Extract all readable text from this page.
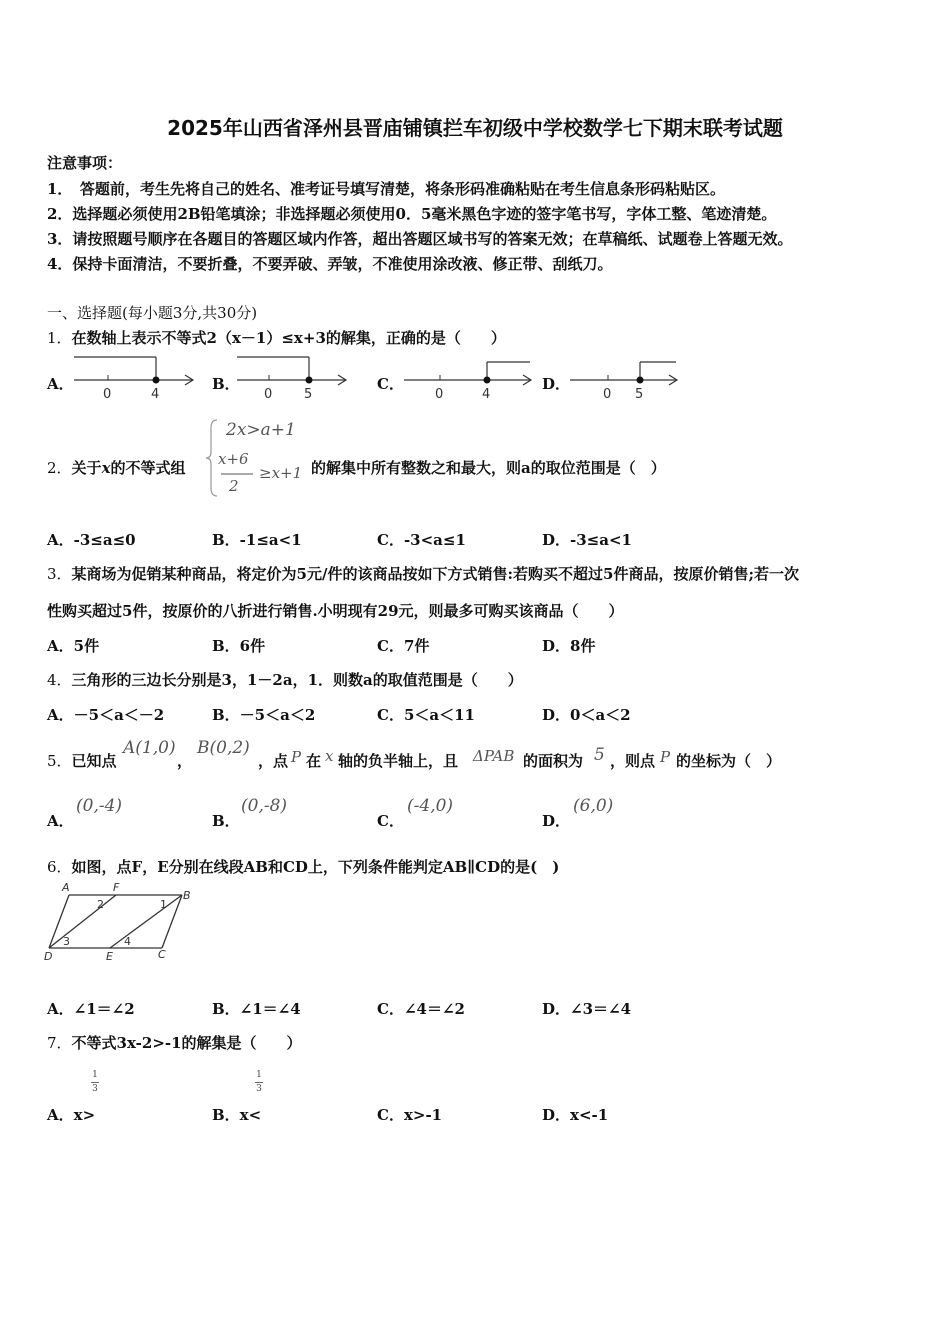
2025年山西省泽州县晋庙铺镇拦车初级中学校数学七下期末联考试题
注意事项：
1．　答题前，考生先将自己的姓名、准考证号填写清楚，将条形码准确粘贴在考生信息条形码粘贴区。
2．选择题必须使用2B铅笔填涂；非选择题必须使用0．5毫米黑色字迹的签字笔书写，字体工整、笔迹清楚。
3．请按照题号顺序在各题目的答题区域内作答，超出答题区域书写的答案无效；在草稿纸、试题卷上答题无效。
4．保持卡面清洁，不要折叠，不要弄破、弄皱，不准使用涂改液、修正带、刮纸刀。
一、选择题(每小题3分,共30分)
1．在数轴上表示不等式2（x－1）≤x+3的解集，正确的是（　　）
A．	B．	C．	D．
0	4	0 5	0	4	0 5
2．关于x的不等式组
2x>a+1
x+6
2
≥x+1 的解集中所有整数之和最大，则a的取位范围是（　）
A．-3≤a≤0	B．-1≤a<1	C．-3<a≤1	D．-3≤a<1
3．某商场为促销某种商品，将定价为5元/件的该商品按如下方式销售:若购买不超过5件商品，按原价销售;若一次
性购买超过5件，按原价的八折进行销售.小明现有29元，则最多可购买该商品（　　）
A．5件	B．6件	C．7件	D．8件
4．三角形的三边长分别是3，1－2a，1．则数a的取值范围是（　　）
A．－5＜a＜－2	B．－5＜a＜2	C．5＜a＜11	D．0＜a＜2
5．已知点
A(1,0)
，
B(0,2)
，点 P 在 x 轴的负半轴上，且 ΔPAB 的面积为 5 ，则点 P 的坐标为（　）
A．
(0,-4)
B．
(0,-8)
C．
(-4,0)
D．
(6,0)
6．如图，点F，E分别在线段AB和CD上，下列条件能判定AB∥CD的是(　)
A	F
B
D	E	C
1
2
3	4
A．∠1＝∠2	B．∠1＝∠4	C．∠4＝∠2	D．∠3＝∠4
7．不等式3x-2>-1的解集是（　　）
A．x>
$\frac{1}{3}$
B．x<
$\frac{1}{3}$
C．x>-1	D．x<-1
